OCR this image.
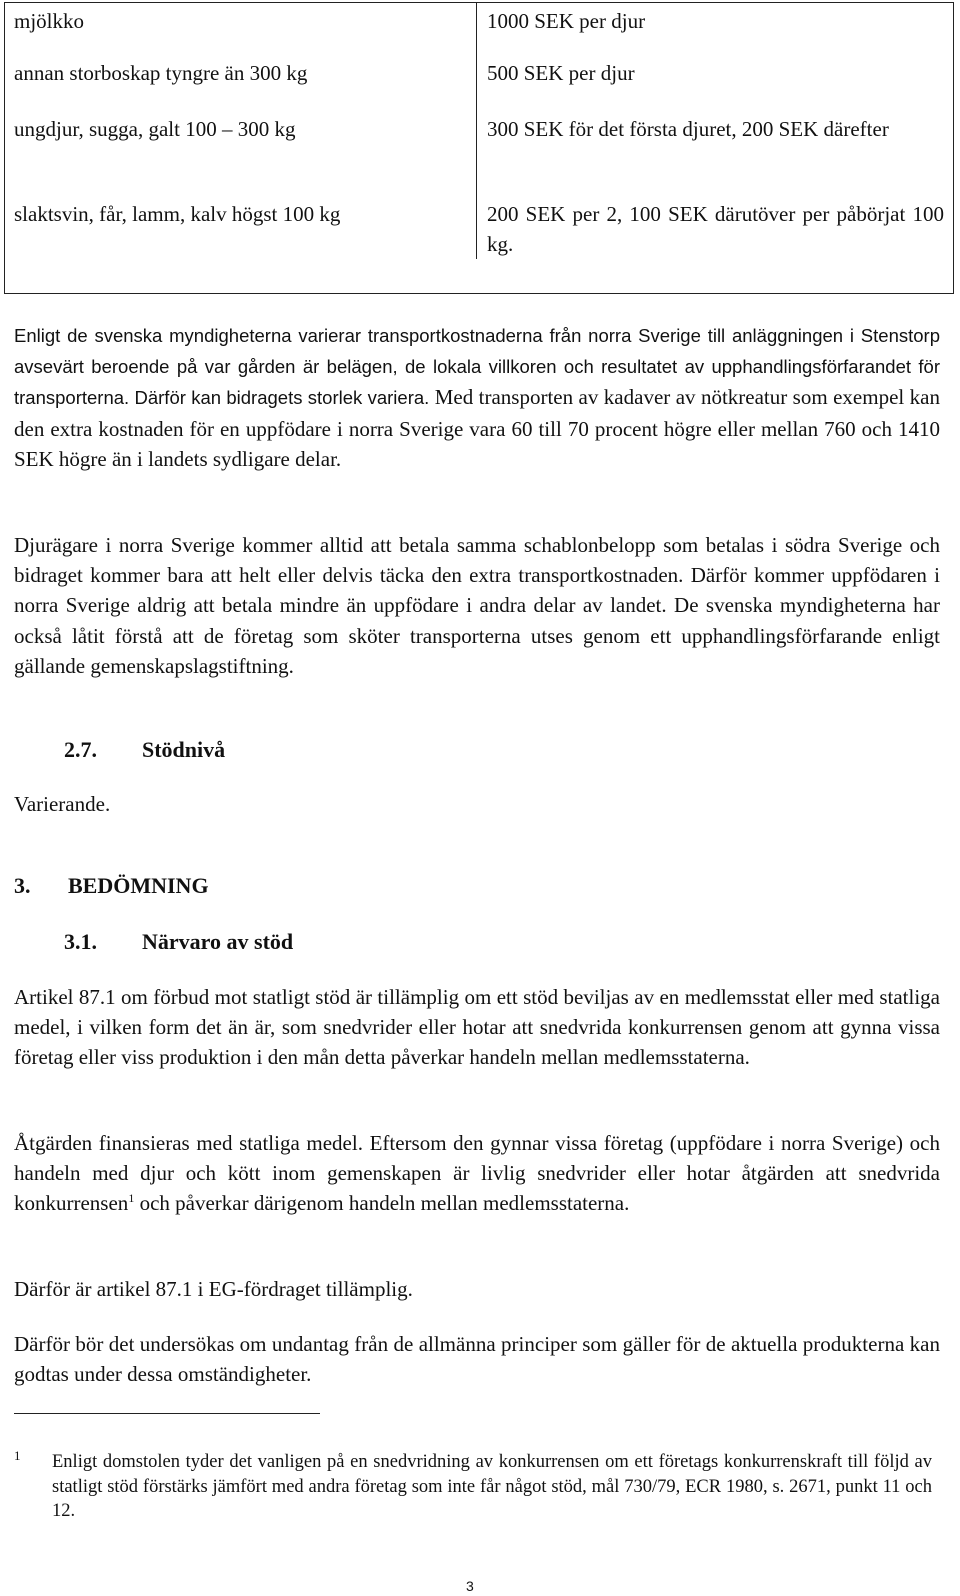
mjölkko	1000 SEK per djur
annan storboskap tyngre än 300 kg	500 SEK per djur
ungdjur, sugga, galt 100 – 300 kg	300 SEK för det första djuret, 200 SEK därefter
slaktsvin, får, lamm, kalv högst 100 kg	200 SEK per 2, 100 SEK därutöver per påbörjat 100 kg.

Enligt de svenska myndigheterna varierar transportkostnaderna från norra Sverige till anläggningen i Stenstorp avsevärt beroende på var gården är belägen, de lokala villkoren och resultatet av upphandlingsförfarandet för transporterna. Därför kan bidragets storlek variera. Med transporten av kadaver av nötkreatur som exempel kan den extra kostnaden för en uppfödare i norra Sverige vara 60 till 70 procent högre eller mellan 760 och 1410 SEK högre än i landets sydligare delar.

Djurägare i norra Sverige kommer alltid att betala samma schablonbelopp som betalas i södra Sverige och bidraget kommer bara att helt eller delvis täcka den extra transportkostnaden. Därför kommer uppfödaren i norra Sverige aldrig att betala mindre än uppfödare i andra delar av landet. De svenska myndigheterna har också låtit förstå att de företag som sköter transporterna utses genom ett upphandlingsförfarande enligt gällande gemenskapslagstiftning.

2.7. Stödnivå

Varierande.

3. BEDÖMNING
3.1. Närvaro av stöd

Artikel 87.1 om förbud mot statligt stöd är tillämplig om ett stöd beviljas av en medlemsstat eller med statliga medel, i vilken form det än är, som snedvrider eller hotar att snedvrida konkurrensen genom att gynna vissa företag eller viss produktion i den mån detta påverkar handeln mellan medlemsstaterna.

Åtgärden finansieras med statliga medel. Eftersom den gynnar vissa företag (uppfödare i norra Sverige) och handeln med djur och kött inom gemenskapen är livlig snedvrider eller hotar åtgärden att snedvrida konkurrensen$^1$ och påverkar därigenom handeln mellan medlemsstaterna.

Därför är artikel 87.1 i EG-fördraget tillämplig.

Därför bör det undersökas om undantag från de allmänna principer som gäller för de aktuella produkterna kan godtas under dessa omständigheter.

1 Enligt domstolen tyder det vanligen på en snedvridning av konkurrensen om ett företags konkurrenskraft till följd av statligt stöd förstärks jämfört med andra företag som inte får något stöd, mål 730/79, ECR 1980, s. 2671, punkt 11 och 12.

3
